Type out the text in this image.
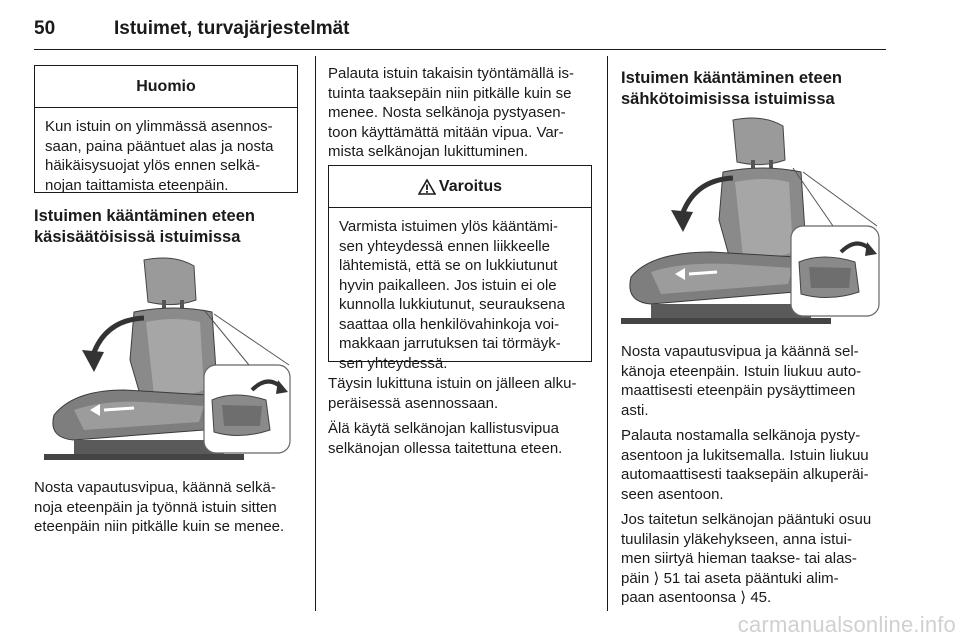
50	Istuimet, turvajärjestelmät
Huomio
Kun istuin on ylimmässä asennos-
saan, paina pääntuet alas ja nosta
häikäisysuojat ylös ennen selkä-
nojan taittamista eteenpäin.
Istuimen kääntäminen eteen
käsisäätöisissä istuimissa
Nosta vapautusvipua, käännä selkä-
noja eteenpäin ja työnnä istuin sitten
eteenpäin niin pitkälle kuin se menee.
Palauta istuin takaisin työntämällä is-
tuinta taaksepäin niin pitkälle kuin se
menee. Nosta selkänoja pystyasen-
toon käyttämättä mitään vipua. Var-
mista selkänojan lukittuminen.
Varoitus
Varmista istuimen ylös kääntämi-
sen yhteydessä ennen liikkeelle
lähtemistä, että se on lukkiutunut
hyvin paikalleen. Jos istuin ei ole
kunnolla lukkiutunut, seurauksena
saattaa olla henkilövahinkoja voi-
makkaan jarrutuksen tai törmäyk-
sen yhteydessä.

Täysin lukittuna istuin on jälleen alku-
peräisessä asennossaan.

Älä käytä selkänojan kallistusvipua
selkänojan ollessa taitettuna eteen.

Istuimen kääntäminen eteen
sähkötoimisissa istuimissa

Nosta vapautusvipua ja käännä sel-
känoja eteenpäin. Istuin liukuu auto-
maattisesti eteenpäin pysäyttimeen
asti.

Palauta nostamalla selkänoja pysty-
asentoon ja lukitsemalla. Istuin liukuu
automaattisesti taaksepäin alkuperäi-
seen asentoon.

Jos taitetun selkänojan pääntuki osuu
tuulilasin yläkehykseen, anna istui-
men siirtyä hieman taakse- tai alas-
päin ⟩ 51 tai aseta pääntuki alim-
paan asentoonsa ⟩ 45.

carmanualsonline.info
